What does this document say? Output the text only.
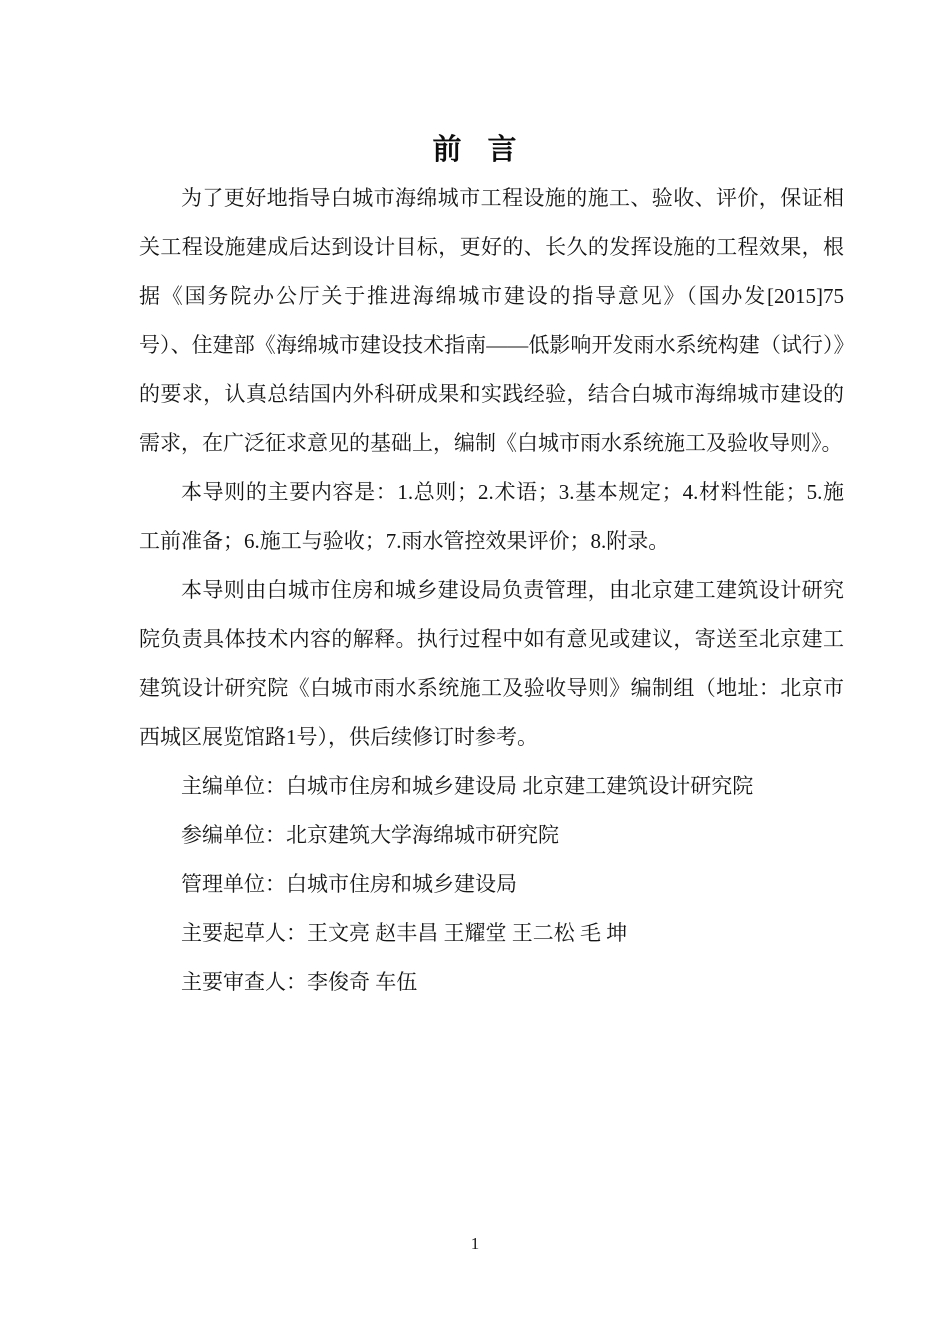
前 言

为了更好地指导白城市海绵城市工程设施的施工、验收、评价，保证相关工程设施建成后达到设计目标，更好的、长久的发挥设施的工程效果，根据《国务院办公厅关于推进海绵城市建设的指导意见》（国办发[2015]75号）、住建部《海绵城市建设技术指南——低影响开发雨水系统构建（试行）》的要求，认真总结国内外科研成果和实践经验，结合白城市海绵城市建设的需求，在广泛征求意见的基础上，编制《白城市雨水系统施工及验收导则》。

本导则的主要内容是：1.总则；2.术语；3.基本规定；4.材料性能；5.施工前准备；6.施工与验收；7.雨水管控效果评价；8.附录。

本导则由白城市住房和城乡建设局负责管理，由北京建工建筑设计研究院负责具体技术内容的解释。执行过程中如有意见或建议，寄送至北京建工建筑设计研究院《白城市雨水系统施工及验收导则》编制组（地址：北京市西城区展览馆路1号），供后续修订时参考。

主编单位：白城市住房和城乡建设局 北京建工建筑设计研究院

参编单位：北京建筑大学海绵城市研究院

管理单位：白城市住房和城乡建设局

主要起草人：王文亮 赵丰昌 王耀堂 王二松 毛 坤

主要审查人：李俊奇 车伍

1
